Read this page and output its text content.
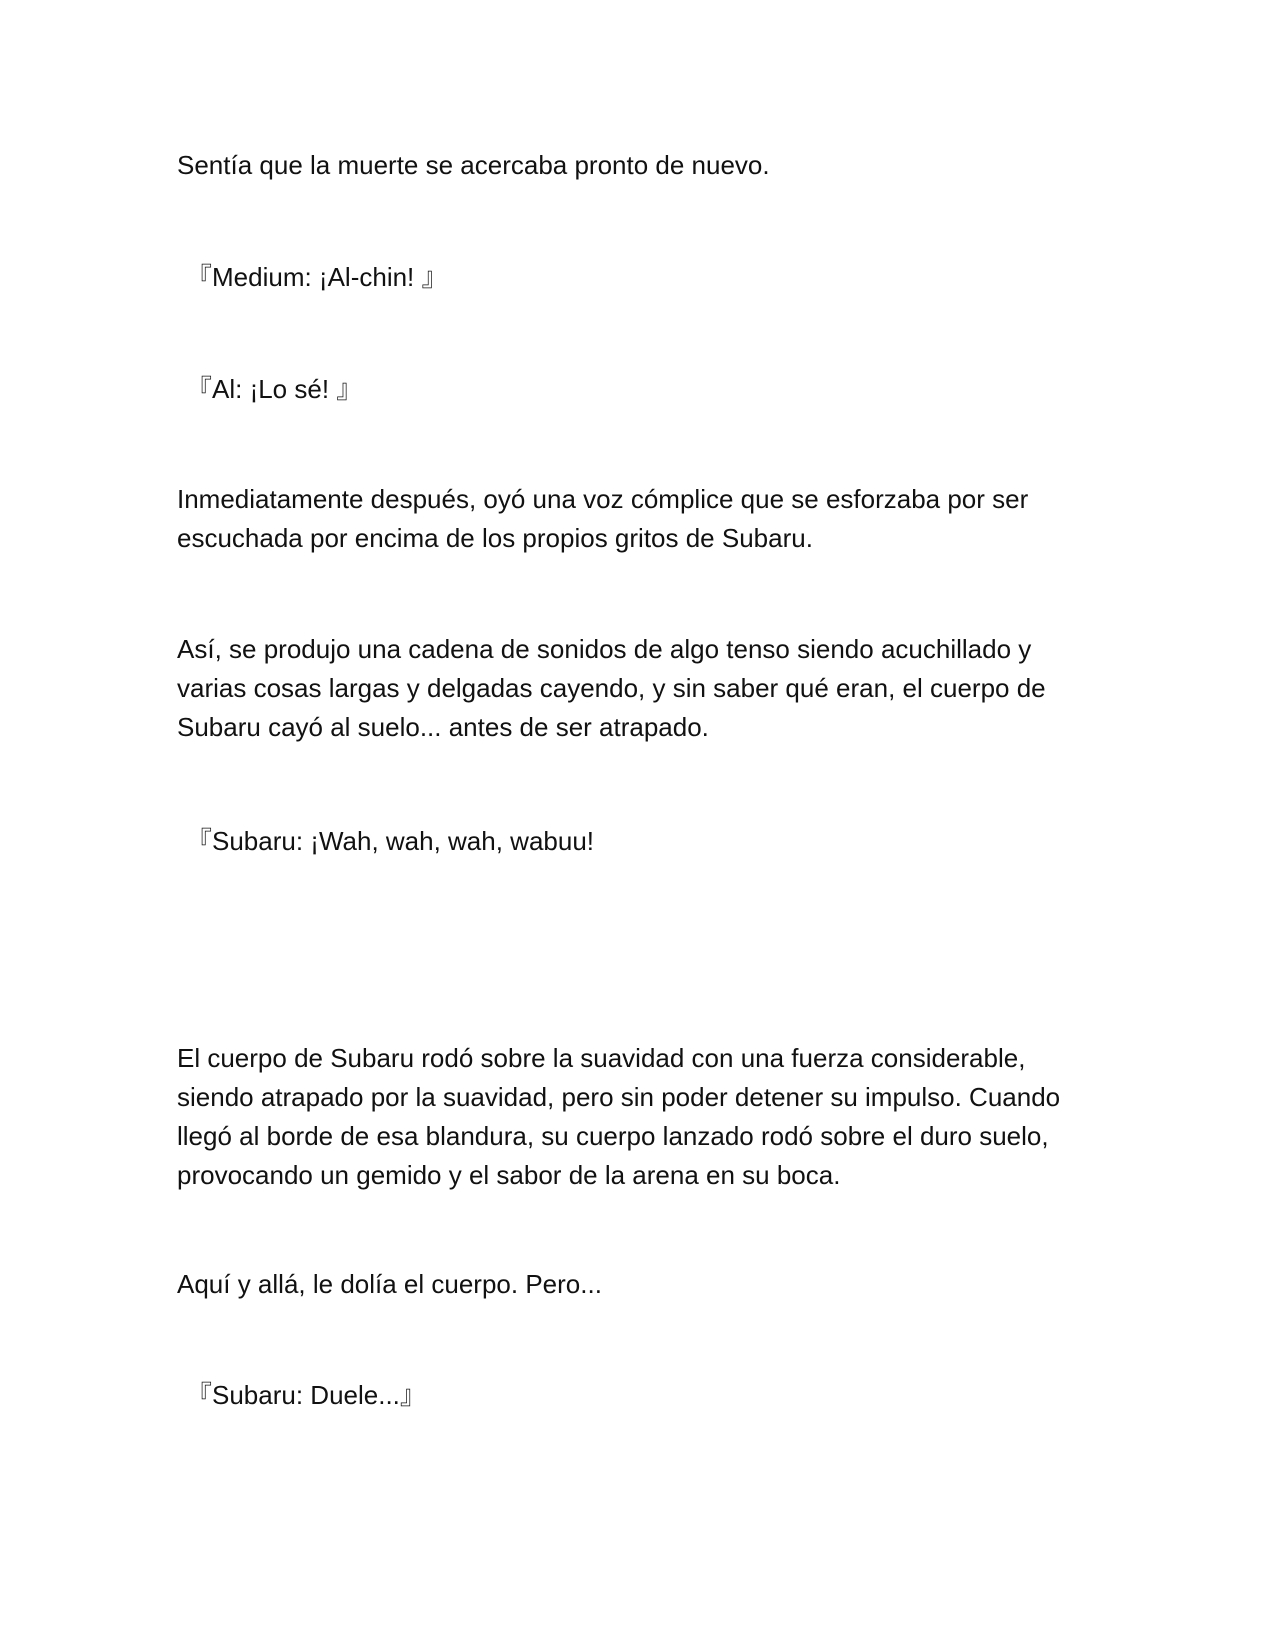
Sentía que la muerte se acercaba pronto de nuevo.

『Medium: ¡Al-chin! 』

『Al: ¡Lo sé! 』

Inmediatamente después, oyó una voz cómplice que se esforzaba por ser escuchada por encima de los propios gritos de Subaru.

Así, se produjo una cadena de sonidos de algo tenso siendo acuchillado y varias cosas largas y delgadas cayendo, y sin saber qué eran, el cuerpo de Subaru cayó al suelo... antes de ser atrapado.

『Subaru: ¡Wah, wah, wah, wabuu!

El cuerpo de Subaru rodó sobre la suavidad con una fuerza considerable, siendo atrapado por la suavidad, pero sin poder detener su impulso. Cuando llegó al borde de esa blandura, su cuerpo lanzado rodó sobre el duro suelo, provocando un gemido y el sabor de la arena en su boca.

Aquí y allá, le dolía el cuerpo. Pero...

『Subaru: Duele...』
